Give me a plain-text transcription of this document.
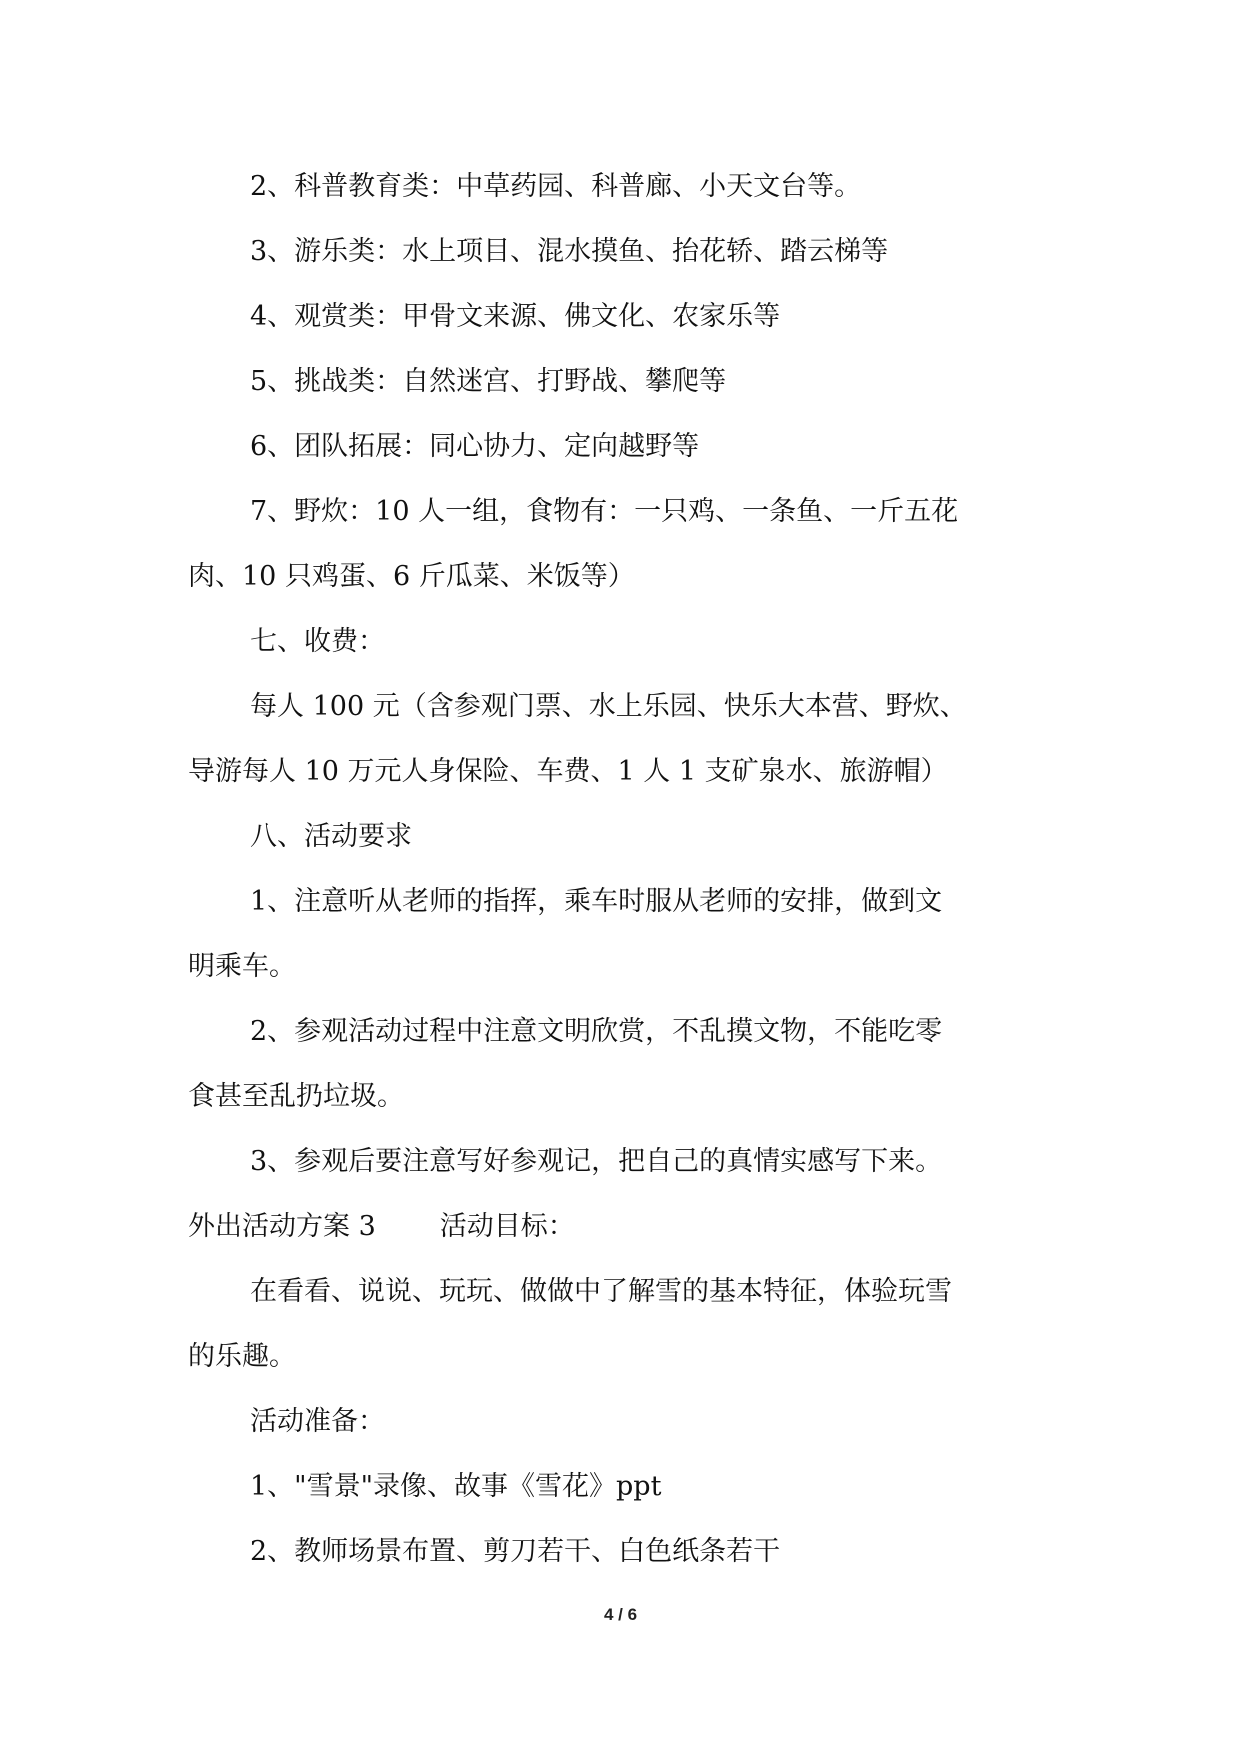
2、科普教育类：中草药园、科普廊、小天文台等。

3、游乐类：水上项目、混水摸鱼、抬花轿、踏云梯等

4、观赏类：甲骨文来源、佛文化、农家乐等

5、挑战类：自然迷宫、打野战、攀爬等

6、团队拓展：同心协力、定向越野等

7、野炊：10 人一组，食物有：一只鸡、一条鱼、一斤五花

肉、10 只鸡蛋、6 斤瓜菜、米饭等）

七、收费：

每人 100 元（含参观门票、水上乐园、快乐大本营、野炊、

导游每人 10 万元人身保险、车费、1 人 1 支矿泉水、旅游帽）

八、活动要求

1、注意听从老师的指挥，乘车时服从老师的安排，做到文

明乘车。

2、参观活动过程中注意文明欣赏，不乱摸文物，不能吃零

食甚至乱扔垃圾。

3、参观后要注意写好参观记，把自己的真情实感写下来。

外出活动方案 3 活动目标：

在看看、说说、玩玩、做做中了解雪的基本特征，体验玩雪

的乐趣。

活动准备：

1、"雪景"录像、故事《雪花》ppt

2、教师场景布置、剪刀若干、白色纸条若干

4 / 6
